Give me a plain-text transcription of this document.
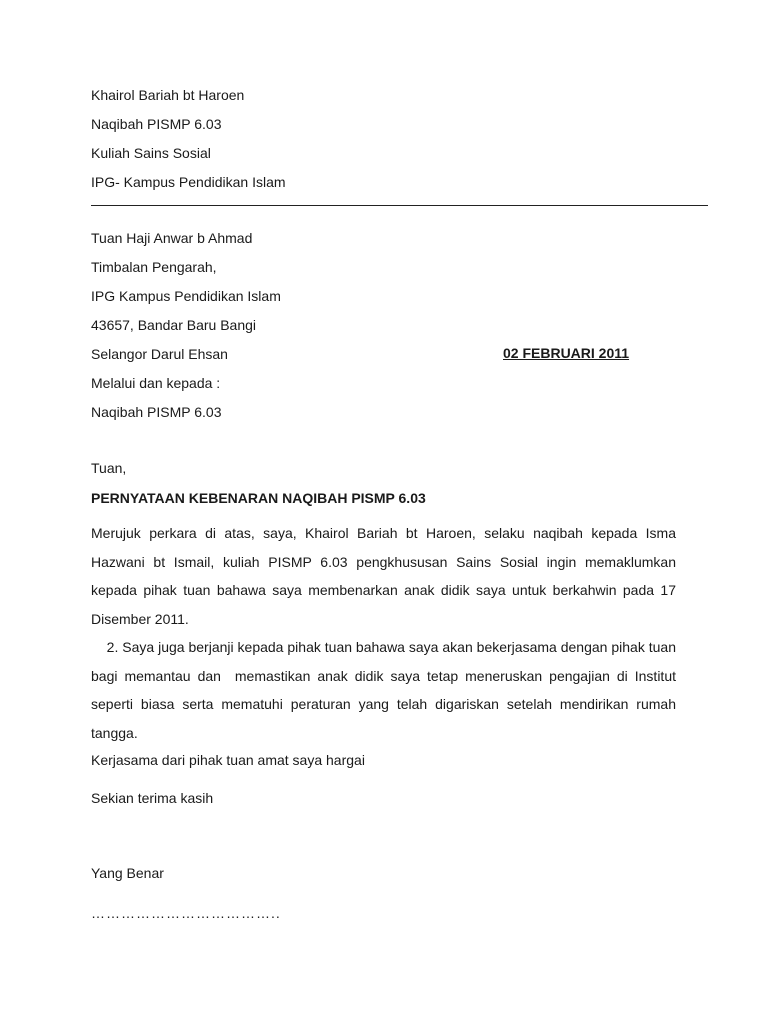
Khairol Bariah bt Haroen
Naqibah PISMP 6.03
Kuliah Sains Sosial
IPG- Kampus Pendidikan Islam
Tuan Haji Anwar b Ahmad
Timbalan Pengarah,
IPG Kampus Pendidikan Islam
43657, Bandar Baru Bangi
Selangor Darul Ehsan	02 FEBRUARI 2011
Melalui dan kepada :
Naqibah PISMP 6.03
Tuan,
PERNYATAAN KEBENARAN NAQIBAH PISMP 6.03
Merujuk perkara di atas, saya, Khairol Bariah bt Haroen, selaku naqibah kepada Isma Hazwani bt Ismail, kuliah PISMP 6.03 pengkhususan Sains Sosial ingin memaklumkan kepada pihak tuan bahawa saya membenarkan anak didik saya untuk berkahwin pada 17 Disember 2011.
2. Saya juga berjanji kepada pihak tuan bahawa saya akan bekerjasama dengan pihak tuan bagi memantau dan  memastikan anak didik saya tetap meneruskan pengajian di Institut seperti biasa serta mematuhi peraturan yang telah digariskan setelah mendirikan rumah tangga.
Kerjasama dari pihak tuan amat saya hargai
Sekian terima kasih
Yang Benar
………………………………..
